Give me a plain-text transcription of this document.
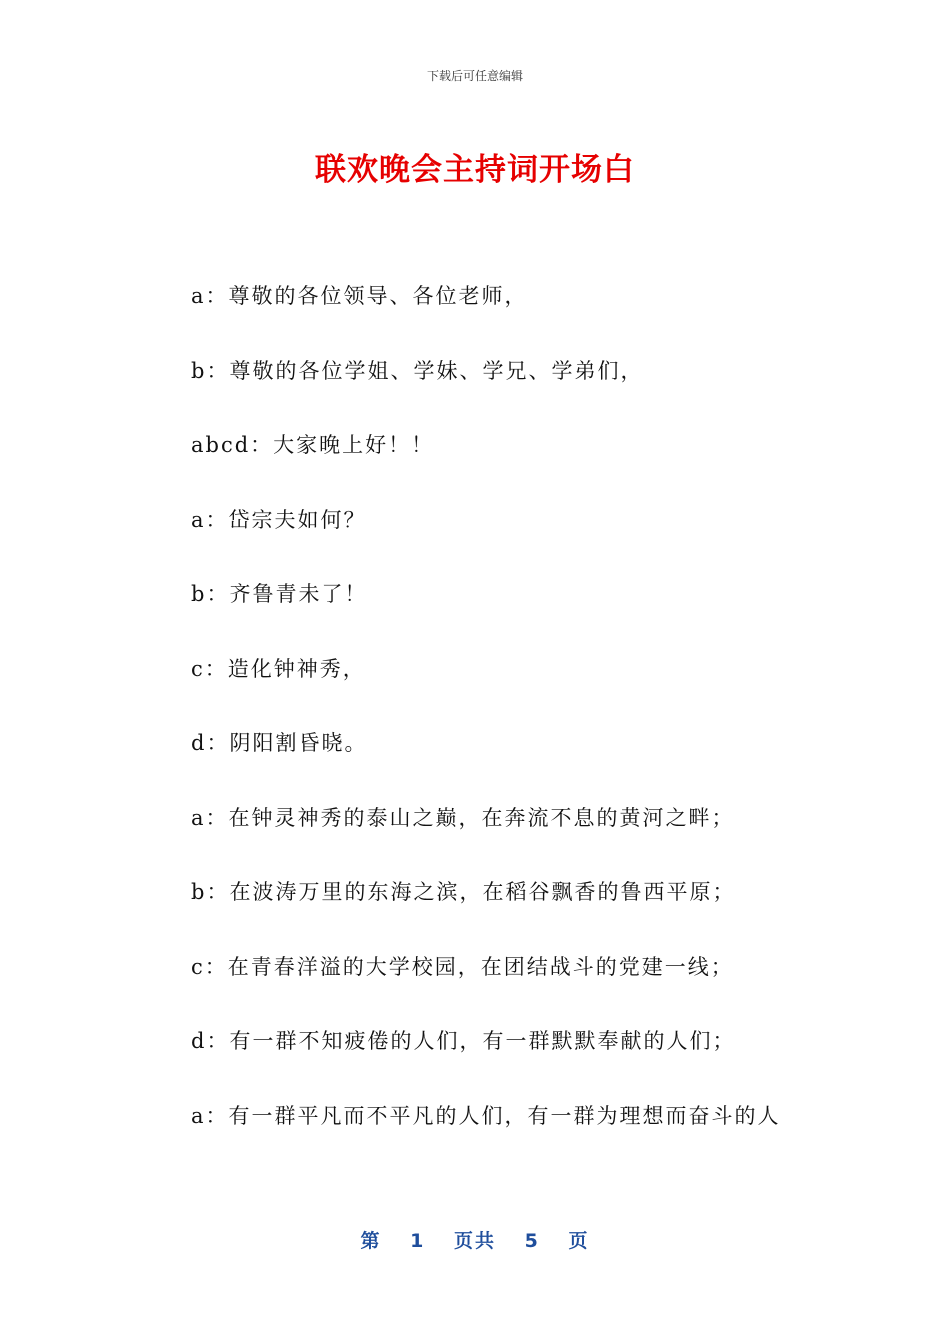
下载后可任意编辑
联欢晚会主持词开场白
a：尊敬的各位领导、各位老师，
b：尊敬的各位学姐、学妹、学兄、学弟们，
abcd：大家晚上好！！
a：岱宗夫如何？
b：齐鲁青未了！
c：造化钟神秀，
d：阴阳割昏晓。
a：在钟灵神秀的泰山之巅，在奔流不息的黄河之畔；
b：在波涛万里的东海之滨，在稻谷飘香的鲁西平原；
c：在青春洋溢的大学校园，在团结战斗的党建一线；
d：有一群不知疲倦的人们，有一群默默奉献的人们；
a：有一群平凡而不平凡的人们，有一群为理想而奋斗的人
第 1 页共 5 页
